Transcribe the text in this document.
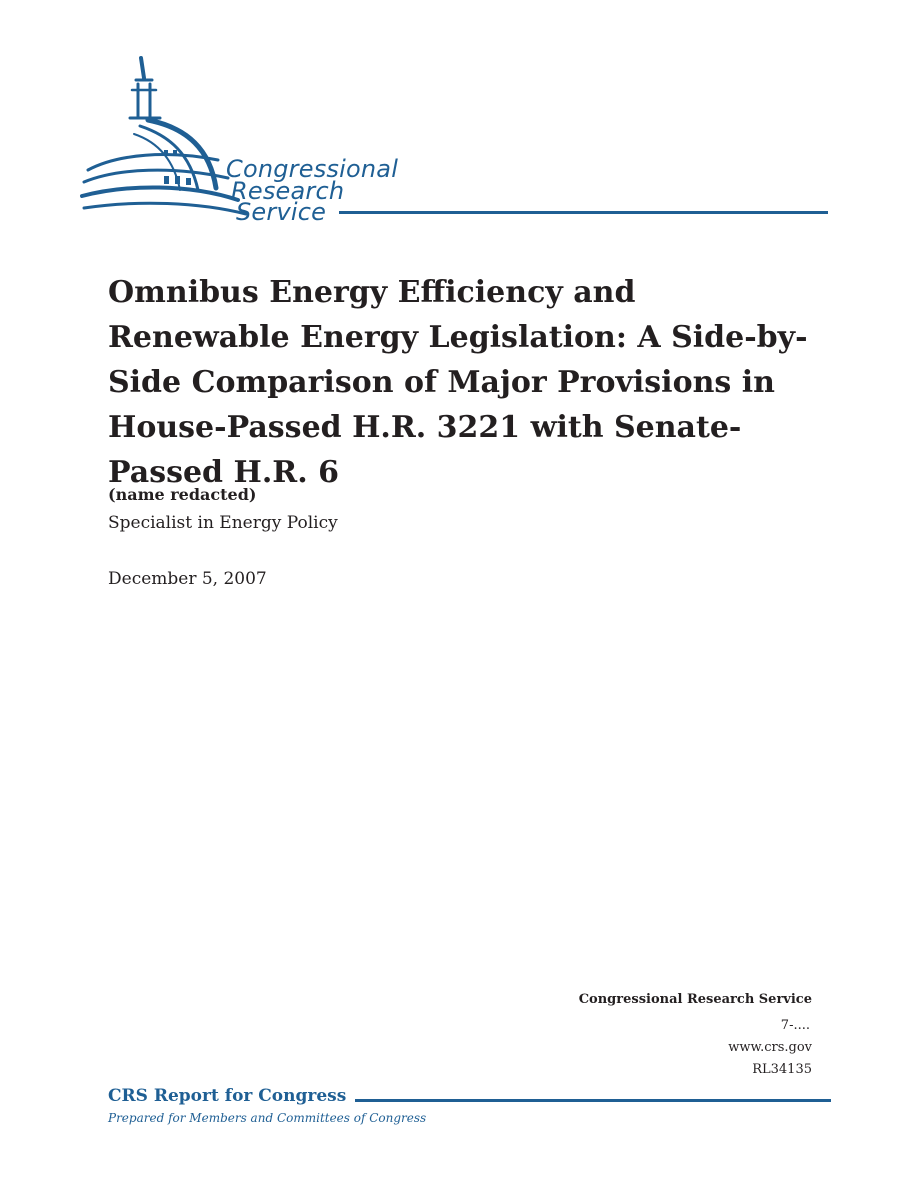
Congressional
Research
Service
Omnibus Energy Efficiency and Renewable Energy Legislation: A Side-by-Side Comparison of Major Provisions in House-Passed H.R. 3221 with Senate-Passed H.R. 6
(name redacted)
Specialist in Energy Policy
December 5, 2007
Congressional Research Service
7-....
www.crs.gov
RL34135
CRS Report for Congress
Prepared for Members and Committees of Congress
